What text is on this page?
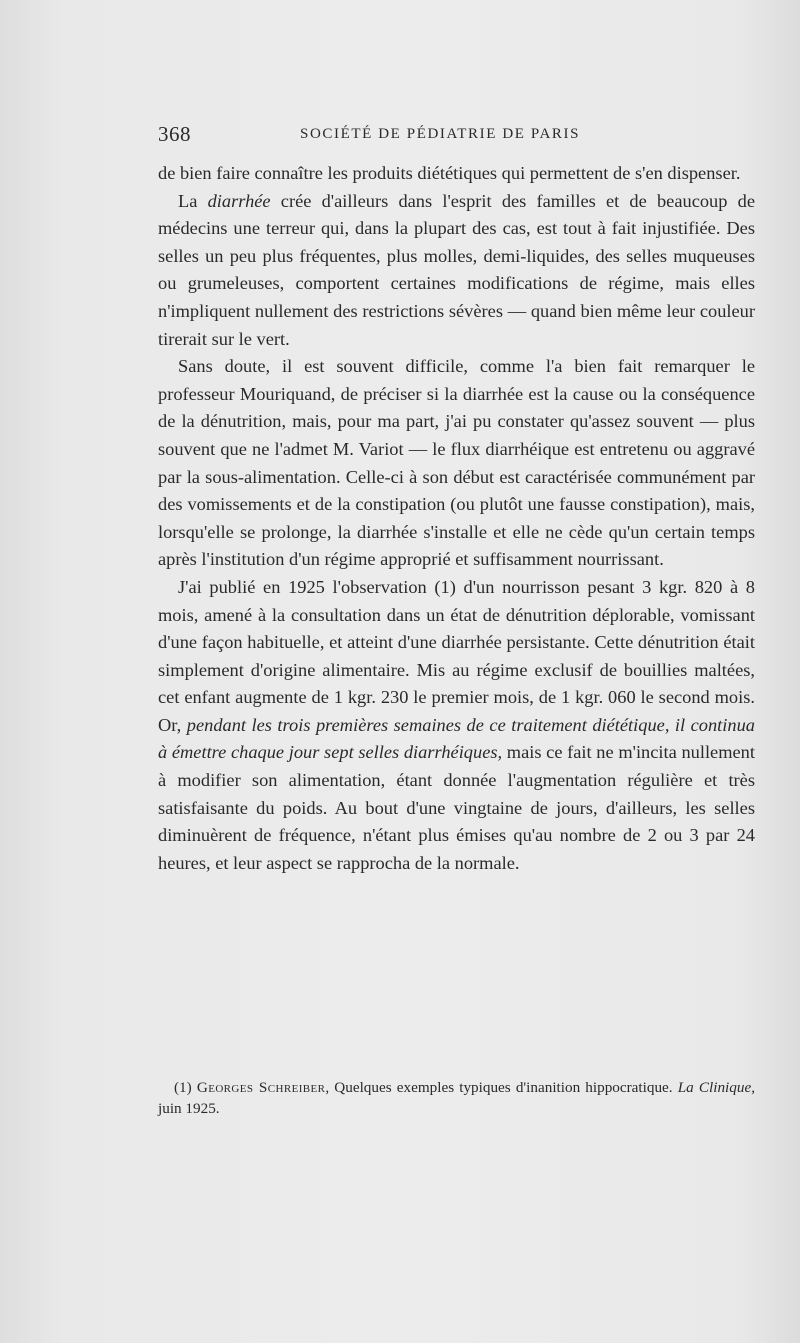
368	SOCIÉTÉ DE PÉDIATRIE DE PARIS

de bien faire connaître les produits diététiques qui permettent de s'en dispenser.

La diarrhée crée d'ailleurs dans l'esprit des familles et de beaucoup de médecins une terreur qui, dans la plupart des cas, est tout à fait injustifiée. Des selles un peu plus fréquentes, plus molles, demi-liquides, des selles muqueuses ou grumeleuses, comportent certaines modifications de régime, mais elles n'impliquent nullement des restrictions sévères — quand bien même leur couleur tirerait sur le vert.

Sans doute, il est souvent difficile, comme l'a bien fait remarquer le professeur Mouriquand, de préciser si la diarrhée est la cause ou la conséquence de la dénutrition, mais, pour ma part, j'ai pu constater qu'assez souvent — plus souvent que ne l'admet M. Variot — le flux diarrhéique est entretenu ou aggravé par la sous-alimentation. Celle-ci à son début est caractérisée communément par des vomissements et de la constipation (ou plutôt une fausse constipation), mais, lorsqu'elle se prolonge, la diarrhée s'installe et elle ne cède qu'un certain temps après l'institution d'un régime approprié et suffisamment nourrissant.

J'ai publié en 1925 l'observation (1) d'un nourrisson pesant 3 kgr. 820 à 8 mois, amené à la consultation dans un état de dénutrition déplorable, vomissant d'une façon habituelle, et atteint d'une diarrhée persistante. Cette dénutrition était simplement d'origine alimentaire. Mis au régime exclusif de bouillies maltées, cet enfant augmente de 1 kgr. 230 le premier mois, de 1 kgr. 060 le second mois. Or, pendant les trois premières semaines de ce traitement diététique, il continua à émettre chaque jour sept selles diarrhéiques, mais ce fait ne m'incita nullement à modifier son alimentation, étant donnée l'augmentation régulière et très satisfaisante du poids. Au bout d'une vingtaine de jours, d'ailleurs, les selles diminuèrent de fréquence, n'étant plus émises qu'au nombre de 2 ou 3 par 24 heures, et leur aspect se rapprocha de la normale.

(1) Georges Schreiber, Quelques exemples typiques d'inanition hippocratique. La Clinique, juin 1925.
